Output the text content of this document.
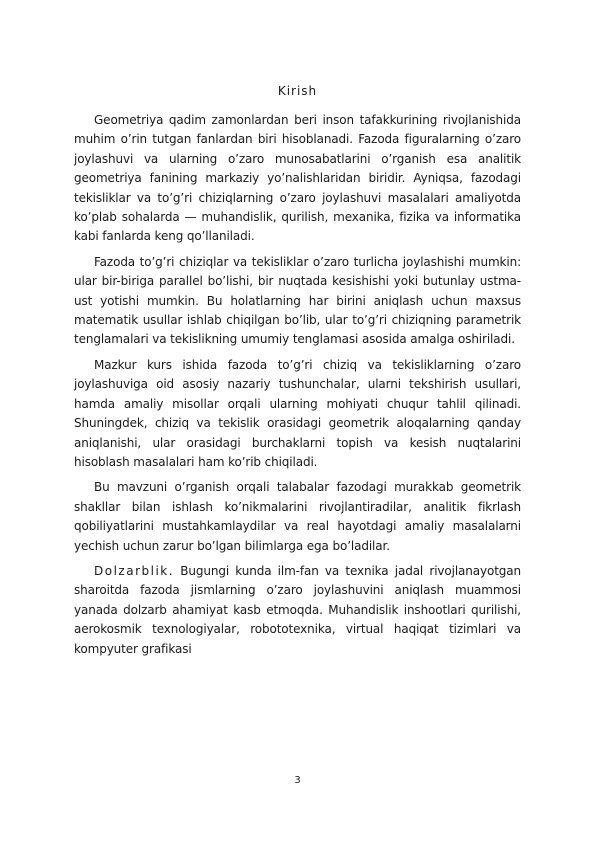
Kirish

Geometriya qadim zamonlardan beri inson tafakkurining rivojlanishida muhim o’rin tutgan fanlardan biri hisoblanadi. Fazoda figuralarning o’zaro joylashuvi va ularning o’zaro munosabatlarini o’rganish esa analitik geometriya fanining markaziy yo’nalishlaridan biridir. Ayniqsa, fazodagi tekisliklar va to’g’ri chiziqlarning o’zaro joylashuvi masalalari amaliyotda ko’plab sohalarda — muhandislik, qurilish, mexanika, fizika va informatika kabi fanlarda keng qo’llaniladi.

Fazoda to’g’ri chiziqlar va tekisliklar o’zaro turlicha joylashishi mumkin: ular bir-biriga parallel bo’lishi, bir nuqtada kesishishi yoki butunlay ustma-ust yotishi mumkin. Bu holatlarning har birini aniqlash uchun maxsus matematik usullar ishlab chiqilgan bo’lib, ular to’g’ri chiziqning parametrik tenglamalari va tekislikning umumiy tenglamasi asosida amalga oshiriladi.

Mazkur kurs ishida fazoda to’g’ri chiziq va tekisliklarning o’zaro joylashuviga oid asosiy nazariy tushunchalar, ularni tekshirish usullari, hamda amaliy misollar orqali ularning mohiyati chuqur tahlil qilinadi. Shuningdek, chiziq va tekislik orasidagi geometrik aloqalarning qanday aniqlanishi, ular orasidagi burchaklarni topish va kesish nuqtalarini hisoblash masalalari ham ko’rib chiqiladi.

Bu mavzuni o’rganish orqali talabalar fazodagi murakkab geometrik shakllar bilan ishlash ko’nikmalarini rivojlantiradilar, analitik fikrlash qobiliyatlarini mustahkamlaydilar va real hayotdagi amaliy masalalarni yechish uchun zarur bo’lgan bilimlarga ega bo’ladilar.

Dolzarblik. Bugungi kunda ilm-fan va texnika jadal rivojlanayotgan sharoitda fazoda jismlarning o’zaro joylashuvini aniqlash muammosi yanada dolzarb ahamiyat kasb etmoqda. Muhandislik inshootlari qurilishi, aerokosmik texnologiyalar, robototexnika, virtual haqiqat tizimlari va kompyuter grafikasi

3
